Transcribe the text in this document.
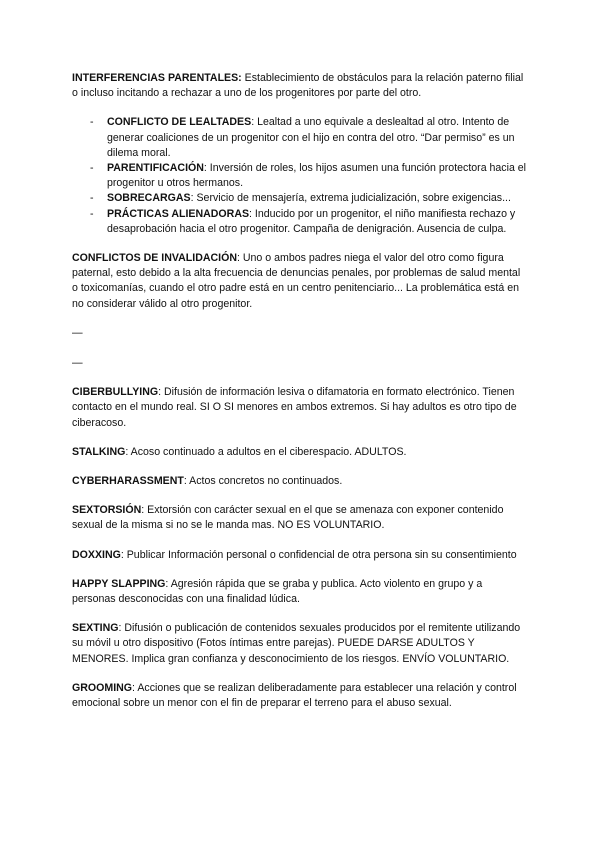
INTERFERENCIAS PARENTALES: Establecimiento de obstáculos para la relación paterno filial o incluso incitando a rechazar a uno de los progenitores por parte del otro.

- CONFLICTO DE LEALTADES: Lealtad a uno equivale a deslealtad al otro. Intento de generar coaliciones de un progenitor con el hijo en contra del otro. “Dar permiso” es un dilema moral.
- PARENTIFICACIÓN: Inversión de roles, los hijos asumen una función protectora hacia el progenitor u otros hermanos.
- SOBRECARGAS: Servicio de mensajería, extrema judicialización, sobre exigencias...
- PRÁCTICAS ALIENADORAS: Inducido por un progenitor, el niño manifiesta rechazo y desaprobación hacia el otro progenitor. Campaña de denigración. Ausencia de culpa.

CONFLICTOS DE INVALIDACIÓN: Uno o ambos padres niega el valor del otro como figura paternal, esto debido a la alta frecuencia de denuncias penales, por problemas de salud mental o toxicomanías, cuando el otro padre está en un centro penitenciario... La problemática está en no considerar válido al otro progenitor.

—

—

CIBERBULLYING: Difusión de información lesiva o difamatoria en formato electrónico. Tienen contacto en el mundo real. SI O SI menores en ambos extremos. Si hay adultos es otro tipo de ciberacoso.

STALKING: Acoso continuado a adultos en el ciberespacio. ADULTOS.

CYBERHARASSMENT: Actos concretos no continuados.

SEXTORSIÓN: Extorsión con carácter sexual en el que se amenaza con exponer contenido sexual de la misma si no se le manda mas. NO ES VOLUNTARIO.

DOXXING: Publicar Información personal o confidencial de otra persona sin su consentimiento

HAPPY SLAPPING: Agresión rápida que se graba y publica. Acto violento en grupo y a personas desconocidas con una finalidad lúdica.

SEXTING: Difusión o publicación de contenidos sexuales producidos por el remitente utilizando su móvil u otro dispositivo (Fotos íntimas entre parejas). PUEDE DARSE ADULTOS Y MENORES. Implica gran confianza y desconocimiento de los riesgos. ENVÍO VOLUNTARIO.

GROOMING: Acciones que se realizan deliberadamente para establecer una relación y control emocional sobre un menor con el fin de preparar el terreno para el abuso sexual.
